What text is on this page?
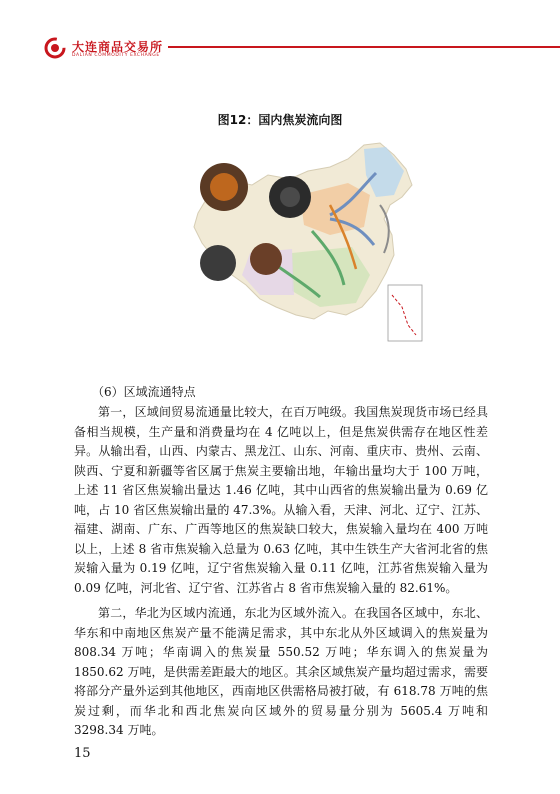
大连商品交易所
DALIAN COMMODITY EXCHANGE
图12：国内焦炭流向图
（6）区域流通特点

第一，区域间贸易流通量比较大，在百万吨级。我国焦炭现货市场已经具备相当规模，生产量和消费量均在 4 亿吨以上，但是焦炭供需存在地区性差异。从输出看，山西、内蒙古、黑龙江、山东、河南、重庆市、贵州、云南、陕西、宁夏和新疆等省区属于焦炭主要输出地，年输出量均大于 100 万吨，上述 11 省区焦炭输出量达 1.46 亿吨，其中山西省的焦炭输出量为 0.69 亿吨，占 10 省区焦炭输出量的 47.3%。从输入看，天津、河北、辽宁、江苏、福建、湖南、广东、广西等地区的焦炭缺口较大，焦炭输入量均在 400 万吨以上，上述 8 省市焦炭输入总量为 0.63 亿吨，其中生铁生产大省河北省的焦炭输入量为 0.19 亿吨，辽宁省焦炭输入量 0.11 亿吨，江苏省焦炭输入量为 0.09 亿吨，河北省、辽宁省、江苏省占 8 省市焦炭输入量的 82.61%。

第二，华北为区域内流通，东北为区域外流入。在我国各区域中，东北、华东和中南地区焦炭产量不能满足需求，其中东北从外区域调入的焦炭量为 808.34 万吨；华南调入的焦炭量 550.52 万吨；华东调入的焦炭量为 1850.62 万吨，是供需差距最大的地区。其余区域焦炭产量均超过需求，需要将部分产量外运到其他地区，西南地区供需格局被打破，有 618.78 万吨的焦炭过剩，而华北和西北焦炭向区域外的贸易量分别为 5605.4 万吨和 3298.34 万吨。

15
